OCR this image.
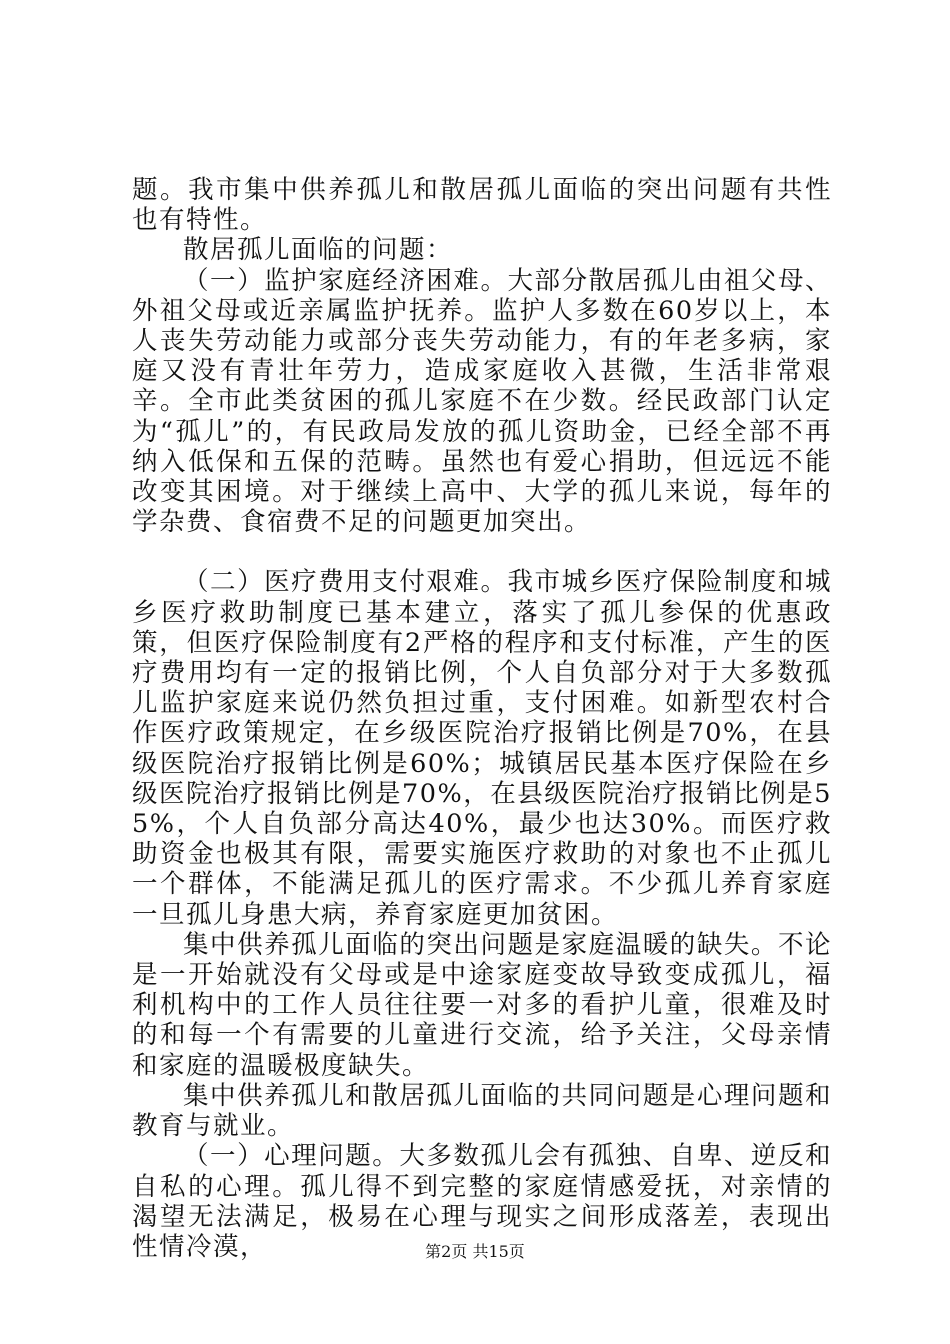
题。我市集中供养孤儿和散居孤儿面临的突出问题有共性也有特性。

散居孤儿面临的问题：

（一）监护家庭经济困难。大部分散居孤儿由祖父母、外祖父母或近亲属监护抚养。监护人多数在60岁以上，本人丧失劳动能力或部分丧失劳动能力，有的年老多病，家庭又没有青壮年劳力，造成家庭收入甚微，生活非常艰辛。全市此类贫困的孤儿家庭不在少数。经民政部门认定为“孤儿”的，有民政局发放的孤儿资助金，已经全部不再纳入低保和五保的范畴。虽然也有爱心捐助，但远远不能改变其困境。对于继续上高中、大学的孤儿来说，每年的学杂费、食宿费不足的问题更加突出。

（二）医疗费用支付艰难。我市城乡医疗保险制度和城乡医疗救助制度已基本建立，落实了孤儿参保的优惠政策，但医疗保险制度有2严格的程序和支付标准，产生的医疗费用均有一定的报销比例，个人自负部分对于大多数孤儿监护家庭来说仍然负担过重，支付困难。如新型农村合作医疗政策规定，在乡级医院治疗报销比例是70%，在县级医院治疗报销比例是60%；城镇居民基本医疗保险在乡级医院治疗报销比例是70%，在县级医院治疗报销比例是55%，个人自负部分高达40%，最少也达30%。而医疗救助资金也极其有限，需要实施医疗救助的对象也不止孤儿一个群体，不能满足孤儿的医疗需求。不少孤儿养育家庭一旦孤儿身患大病，养育家庭更加贫困。

集中供养孤儿面临的突出问题是家庭温暖的缺失。不论是一开始就没有父母或是中途家庭变故导致变成孤儿，福利机构中的工作人员往往要一对多的看护儿童，很难及时的和每一个有需要的儿童进行交流，给予关注，父母亲情和家庭的温暖极度缺失。

集中供养孤儿和散居孤儿面临的共同问题是心理问题和教育与就业。

（一）心理问题。大多数孤儿会有孤独、自卑、逆反和自私的心理。孤儿得不到完整的家庭情感爱抚，对亲情的渴望无法满足，极易在心理与现实之间形成落差，表现出性情冷漠，	第2页 共15页
